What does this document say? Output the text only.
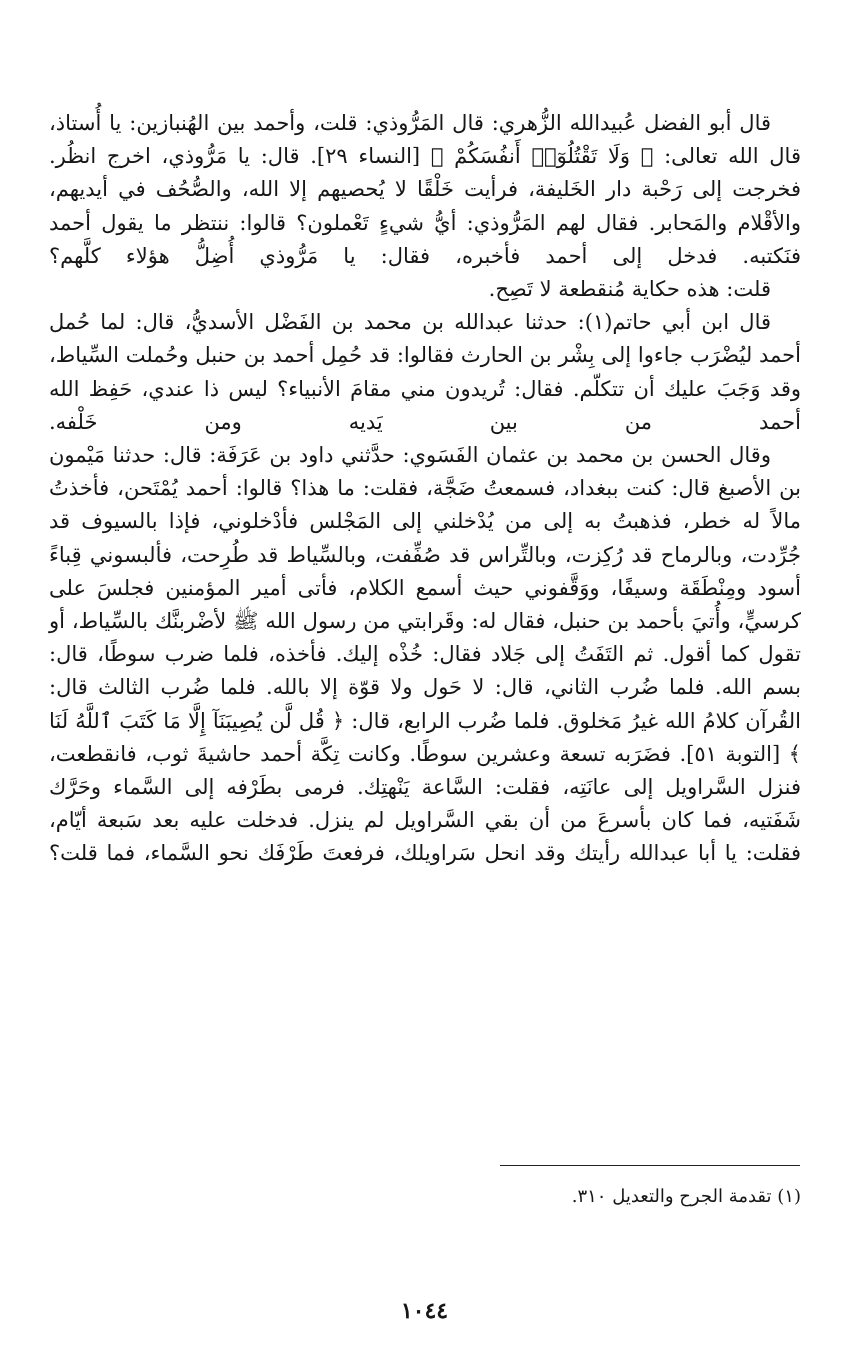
قال أبو الفضل عُبيدالله الزُّهري: قال المَرُّوذي: قلت، وأحمد بين الهُنبازين: يا أُستاذ، قال الله تعالى: ﴿ وَلَا تَقْتُلُوٓا۟ أَنفُسَكُمْ ﴾ [النساء ٢٩]. قال: يا مَرُّوذي، اخرج انظُر. فخرجت إلى رَحْبة دار الخَليفة، فرأيت خَلْقًا لا يُحصيهم إلا الله، والصُّحُف في أيديهم، والأقْلام والمَحابر. فقال لهم المَرُّوذي: أيُّ شيءٍ تَعْملون؟ قالوا: ننتظر ما يقول أحمد فنَكتبه. فدخل إلى أحمد فأخبره، فقال: يا مَرُّوذي أُضِلُّ هؤلاء كلَّهم؟

قلت: هذه حكاية مُنقطعة لا تَصِح.

قال ابن أبي حاتم(١): حدثنا عبدالله بن محمد بن الفَضْل الأسديُّ، قال: لما حُمل أحمد ليُضْرَب جاءوا إلى بِشْر بن الحارث فقالوا: قد حُمِل أحمد بن حنبل وحُملت السِّياط، وقد وَجَبَ عليك أن تتكلّم. فقال: تُريدون مني مقامَ الأنبياء؟ ليس ذا عندي، حَفِظ الله أحمد من بين يَديه ومن خَلْفه.

وقال الحسن بن محمد بن عثمان الفَسَوي: حدَّثني داود بن عَرَفَة: قال: حدثنا مَيْمون بن الأصبغ قال: كنت ببغداد، فسمعتُ ضَجَّة، فقلت: ما هذا؟ قالوا: أحمد يُمْتَحن، فأخذتُ مالاً له خطر، فذهبتُ به إلى من يُدْخلني إلى المَجْلس فأدْخلوني، فإذا بالسيوف قد جُرِّدت، وبالرماح قد رُكِزت، وبالتِّراس قد صُفِّفت، وبالسِّياط قد طُرِحت، فألبسوني قِباءً أسود ومِنْطَقَة وسيفًا، ووَقَّفوني حيث أسمع الكلام، فأتى أمير المؤمنين فجلسَ على كرسيٍّ، وأُتيَ بأحمد بن حنبل، فقال له: وقَرابتي من رسول الله ﷺ لأضْربنَّك بالسِّياط، أو تقول كما أقول. ثم التَفَتُ إلى جَلاد فقال: خُذْه إليك. فأخذه، فلما ضرب سوطًا، قال: بسم الله. فلما ضُرب الثاني، قال: لا حَول ولا قوّة إلا بالله. فلما ضُرب الثالث قال: القُرآن كلامُ الله غيرُ مَخلوق. فلما ضُرب الرابع، قال: ﴿ قُل لَّن يُصِيبَنَآ إِلَّا مَا كَتَبَ ٱللَّهُ لَنَا ﴾ [التوبة ٥١]. فضَرَبه تسعة وعشرين سوطًا. وكانت تِكَّة أحمد حاشيةَ ثوب، فانقطعت، فنزل السَّراويل إلى عانَتِه، فقلت: السَّاعة يَنْهتِك. فرمى بطَرْفه إلى السَّماء وحَرَّك شَفَتيه، فما كان بأسرعَ من أن بقي السَّراويل لم ينزل. فدخلت عليه بعد سَبعة أيّام، فقلت: يا أبا عبدالله رأيتك وقد انحل سَراويلك، فرفعتَ طَرْفَك نحو السَّماء، فما قلت؟

(١) تقدمة الجرح والتعديل ٣١٠.
١٠٤٤
